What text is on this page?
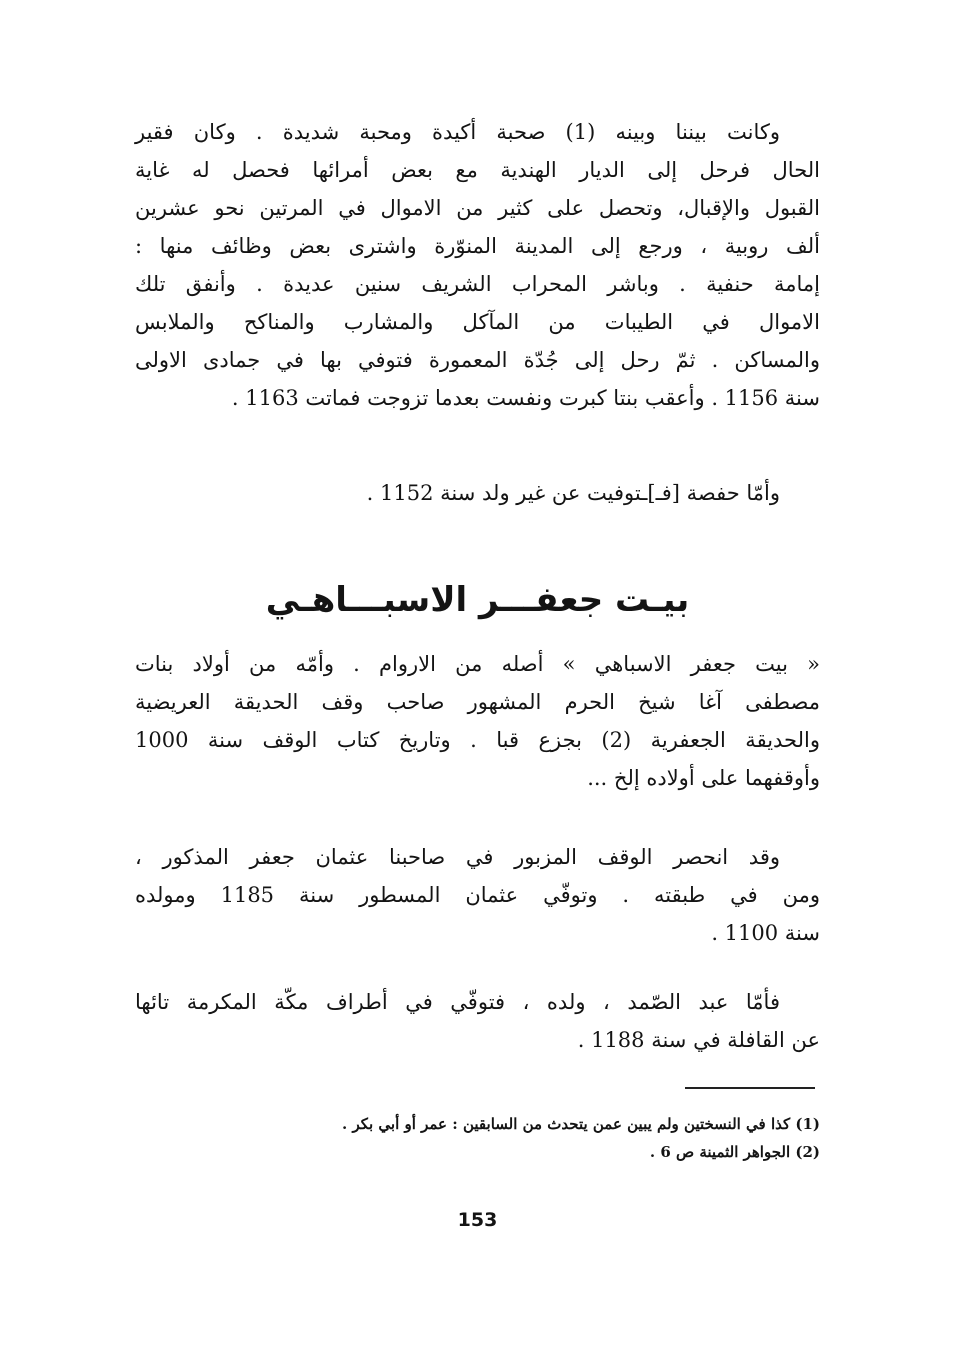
وكانت بيننا وبينه (1) صحبة أكيدة ومحبة شديدة . وكان فقير
الحال فرحل إلى الديار الهندية مع بعض أمرائها فحصل له غاية
القبول والإقبال، وتحصل على كثير من الاموال في المرتين نحو عشرين
ألف روبية ، ورجع إلى المدينة المنوّرة واشترى بعض وظائف منها :
إمامة حنفية . وباشر المحراب الشريف سنين عديدة . وأنفق تلك
الاموال في الطيبات من المآكل والمشارب والمناكح والملابس
والمساكن . ثمّ رحل إلى جُدّة المعمورة فتوفي بها في جمادى الاولى
سنة 1156 . وأعقب بنتا كبرت ونفست بعدما تزوجت فماتت 1163 .
وأمّا حفصة [فـ]ـتوفيت عن غير ولد سنة 1152 .
بيـت جعفـــر الاسبـــاهـي
« بيت جعفر الاسباهي » أصله من الاروام . وأمّه من أولاد بنات
مصطفى آغا شيخ الحرم المشهور صاحب وقف الحديقة العريضية
والحديقة الجعفرية (2) بجزع قبا . وتاريخ كتاب الوقف سنة 1000
وأوقفهما على أولاده إلخ ...
وقد انحصر الوقف المزبور في صاحبنا عثمان جعفر المذكور ،
ومن في طبقته . وتوفّي عثمان المسطور سنة 1185 ومولده
سنة 1100 .
فأمّا عبد الصّمد ، ولده ، فتوفّي في أطراف مكّة المكرمة تائها
عن القافلة في سنة 1188 .
(1) كذا في النسختين ولم يبين عمن يتحدث من السابقين : عمر أو أبي بكر .
(2) الجواهر الثمينة ص 6 .
153
